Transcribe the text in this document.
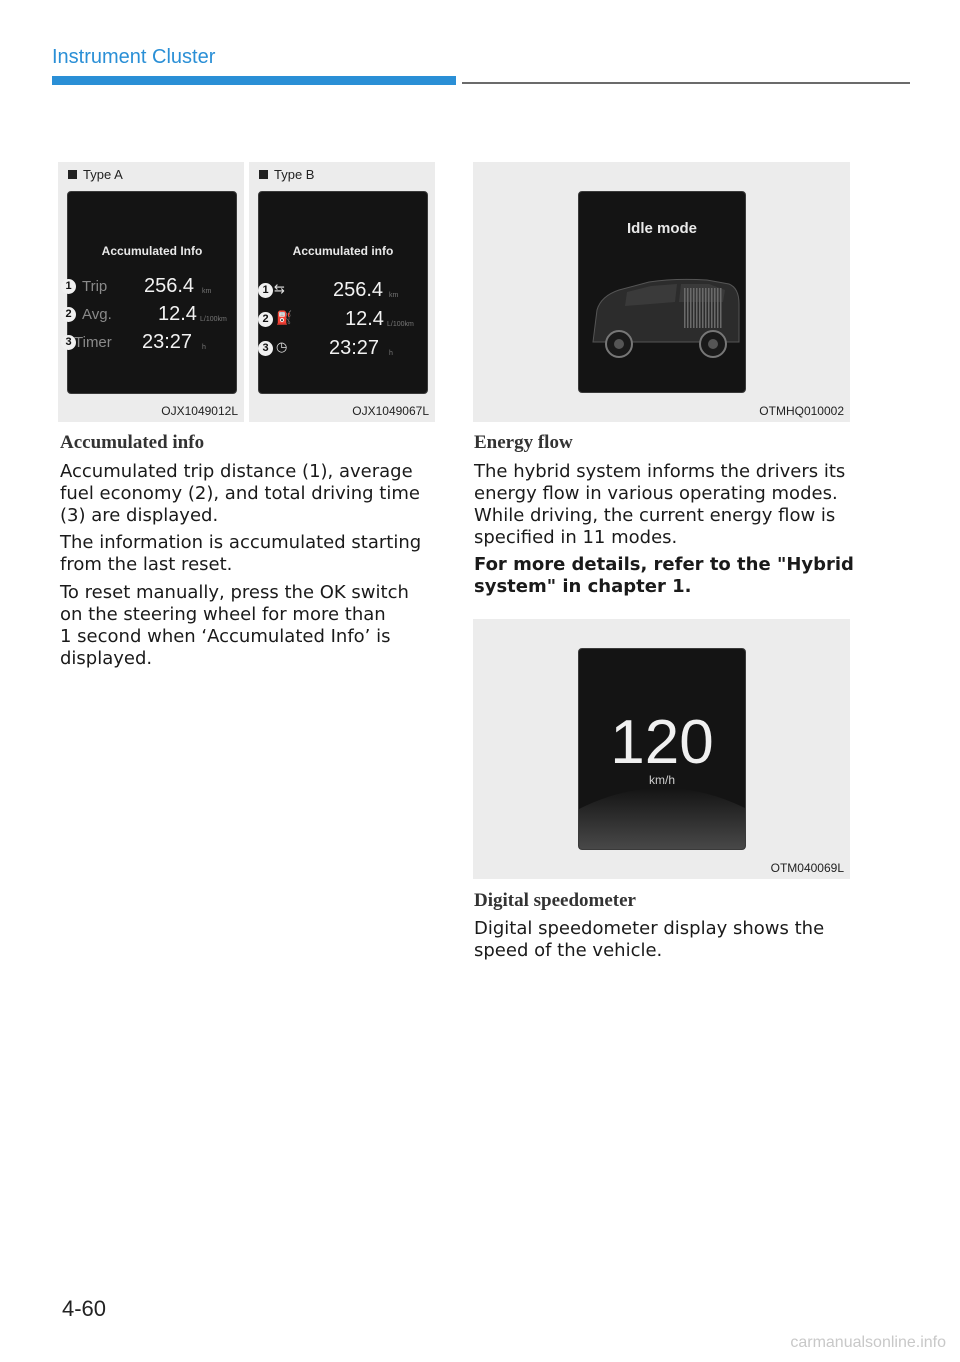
Instrument Cluster
Type A
Accumulated Info
1 Trip 256.4 km
2 Avg. 12.4 L/100km
3 Timer 23:27 h
OJX1049012L
Type B
Accumulated info
1 ⇆ 256.4 km
2 ⛽	12.4 L/100km
3 ◷ 23:27 h
OJX1049067L
Idle mode
OTMHQ010002
120
km/h
OTM040069L
Accumulated info
Accumulated trip distance (1), average
fuel economy (2), and total driving time
(3) are displayed.
The information is accumulated starting
from the last reset.
To reset manually, press the OK switch
on the steering wheel for more than
1 second when ‘Accumulated Info’ is
displayed.
Energy flow
The hybrid system informs the drivers its
energy flow in various operating modes.
While driving, the current energy flow is
specified in 11 modes.
For more details, refer to the "Hybrid
system" in chapter 1.
Digital speedometer
Digital speedometer display shows the
speed of the vehicle.
4-60
carmanualsonline.info
